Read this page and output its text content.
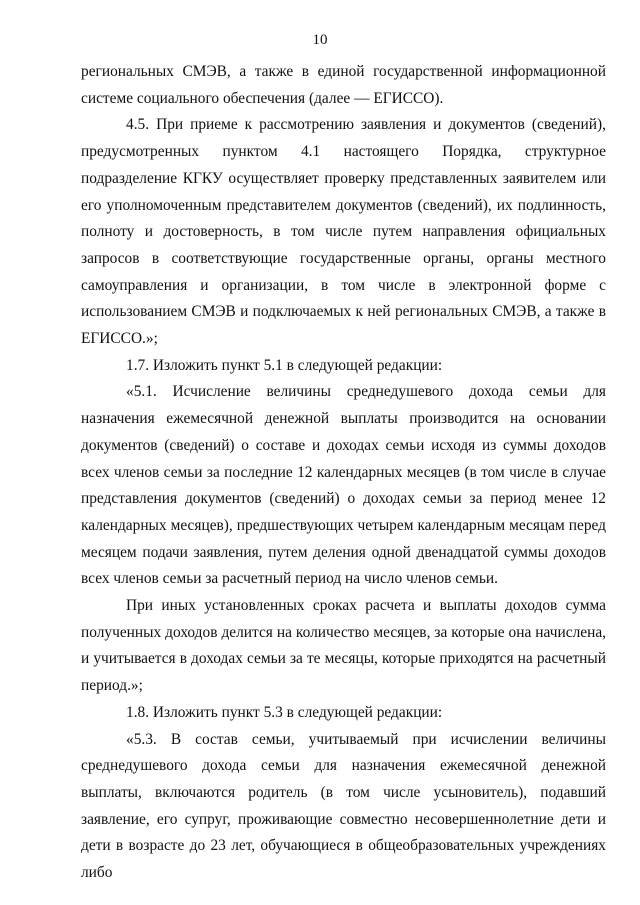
10

региональных СМЭВ, а также в единой государственной информационной системе социального обеспечения (далее — ЕГИССО).

4.5. При приеме к рассмотрению заявления и документов (сведений), предусмотренных пунктом 4.1 настоящего Порядка, структурное подразделение КГКУ осуществляет проверку представленных заявителем или его уполномоченным представителем документов (сведений), их подлинность, полноту и достоверность, в том числе путем направления официальных запросов в соответствующие государственные органы, органы местного самоуправления и организации, в том числе в электронной форме с использованием СМЭВ и подключаемых к ней региональных СМЭВ, а также в ЕГИССО.»;

1.7. Изложить пункт 5.1 в следующей редакции:

«5.1. Исчисление величины среднедушевого дохода семьи для назначения ежемесячной денежной выплаты производится на основании документов (сведений) о составе и доходах семьи исходя из суммы доходов всех членов семьи за последние 12 календарных месяцев (в том числе в случае представления документов (сведений) о доходах семьи за период менее 12 календарных месяцев), предшествующих четырем календарным месяцам перед месяцем подачи заявления, путем деления одной двенадцатой суммы доходов всех членов семьи за расчетный период на число членов семьи.

При иных установленных сроках расчета и выплаты доходов сумма полученных доходов делится на количество месяцев, за которые она начислена, и учитывается в доходах семьи за те месяцы, которые приходятся на расчетный период.»;

1.8. Изложить пункт 5.3 в следующей редакции:

«5.3. В состав семьи, учитываемый при исчислении величины среднедушевого дохода семьи для назначения ежемесячной денежной выплаты, включаются родитель (в том числе усыновитель), подавший заявление, его супруг, проживающие совместно несовершеннолетние дети и дети в возрасте до 23 лет, обучающиеся в общеобразовательных учреждениях либо
